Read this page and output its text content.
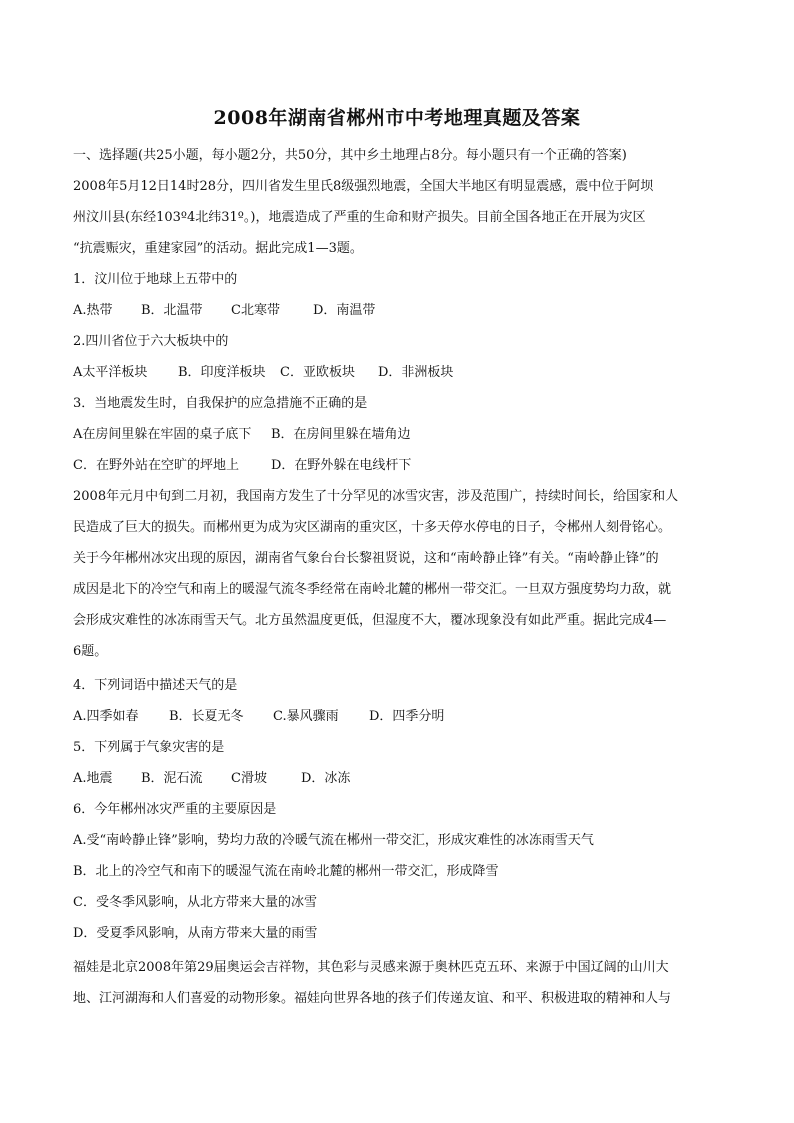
2008年湖南省郴州市中考地理真题及答案
一、选择题(共25小题，每小题2分，共50分，其中乡土地理占8分。每小题只有一个正确的答案)
2008年5月12日14时28分，四川省发生里氏8级强烈地震，全国大半地区有明显震感，震中位于阿坝
州汶川县(东经103º4北纬31º。)，地震造成了严重的生命和财产损失。目前全国各地正在开展为灾区
“抗震赈灾，重建家园”的活动。据此完成1—3题。
1．汶川位于地球上五带中的
A.热带 B．北温带 C北寒带	D．南温带
2.四川省位于六大板块中的
A太平洋板块 B．印度洋板块 C．亚欧板块 D．非洲板块
3．当地震发生时，自我保护的应急措施不正确的是
A在房间里躲在牢固的桌子底下 B．在房间里躲在墙角边
C．在野外站在空旷的坪地上 D．在野外躲在电线杆下
2008年元月中旬到二月初，我国南方发生了十分罕见的冰雪灾害，涉及范围广，持续时间长，给国家和人
民造成了巨大的损失。而郴州更为成为灾区湖南的重灾区，十多天停水停电的日子，令郴州人刻骨铭心。
关于今年郴州冰灾出现的原因，湖南省气象台台长黎祖贤说，这和“南岭静止锋”有关。“南岭静止锋”的
成因是北下的冷空气和南上的暖湿气流冬季经常在南岭北麓的郴州一带交汇。一旦双方强度势均力敌，就
会形成灾难性的冰冻雨雪天气。北方虽然温度更低，但湿度不大，覆冰现象没有如此严重。据此完成4—
6题。
4．下列词语中描述天气的是
A.四季如春 B．长夏无冬 C.暴风骤雨 D．四季分明
5．下列属于气象灾害的是
A.地震 B．泥石流 C滑坡	D．冰冻
6．今年郴州冰灾严重的主要原因是
A.受“南岭静止锋”影响，势均力敌的冷暖气流在郴州一带交汇，形成灾难性的冰冻雨雪天气
B．北上的冷空气和南下的暖湿气流在南岭北麓的郴州一带交汇，形成降雪
C．受冬季风影响，从北方带来大量的冰雪
D．受夏季风影响，从南方带来大量的雨雪
福娃是北京2008年第29届奥运会吉祥物，其色彩与灵感来源于奥林匹克五环、来源于中国辽阔的山川大
地、江河湖海和人们喜爱的动物形象。福娃向世界各地的孩子们传递友谊、和平、积极进取的精神和人与
